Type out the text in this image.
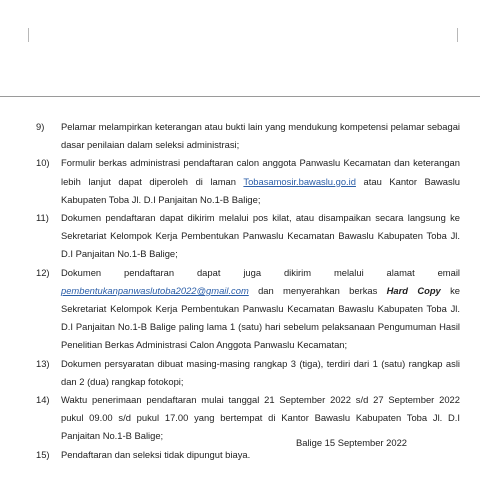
9)	Pelamar melampirkan keterangan atau bukti lain yang mendukung kompetensi pelamar sebagai dasar penilaian dalam seleksi administrasi;
10)	Formulir berkas administrasi pendaftaran calon anggota Panwaslu Kecamatan dan keterangan lebih lanjut dapat diperoleh di laman Tobasamosir.bawaslu.go.id atau Kantor Bawaslu Kabupaten Toba Jl. D.I Panjaitan No.1-B Balige;
11)	Dokumen pendaftaran dapat dikirim melalui pos kilat, atau disampaikan secara langsung ke Sekretariat Kelompok Kerja Pembentukan Panwaslu Kecamatan Bawaslu Kabupaten Toba Jl. D.I Panjaitan No.1-B Balige;
12)	Dokumen pendaftaran dapat juga dikirim melalui alamat email pembentukanpanwaslutoba2022@gmail.com dan menyerahkan berkas Hard Copy ke Sekretariat Kelompok Kerja Pembentukan Panwaslu Kecamatan Bawaslu Kabupaten Toba Jl. D.I Panjaitan No.1-B Balige paling lama 1 (satu) hari sebelum pelaksanaan Pengumuman Hasil Penelitian Berkas Administrasi Calon Anggota Panwaslu Kecamatan;
13)	Dokumen persyaratan dibuat masing-masing rangkap 3 (tiga), terdiri dari 1 (satu) rangkap asli dan 2 (dua) rangkap fotokopi;
14)	Waktu penerimaan pendaftaran mulai tanggal 21 September 2022 s/d 27 September 2022 pukul 09.00 s/d pukul 17.00 yang bertempat di Kantor Bawaslu Kabupaten Toba Jl. D.I Panjaitan No.1-B Balige;
15)	Pendaftaran dan seleksi tidak dipungut biaya.
Balige 15 September 2022
